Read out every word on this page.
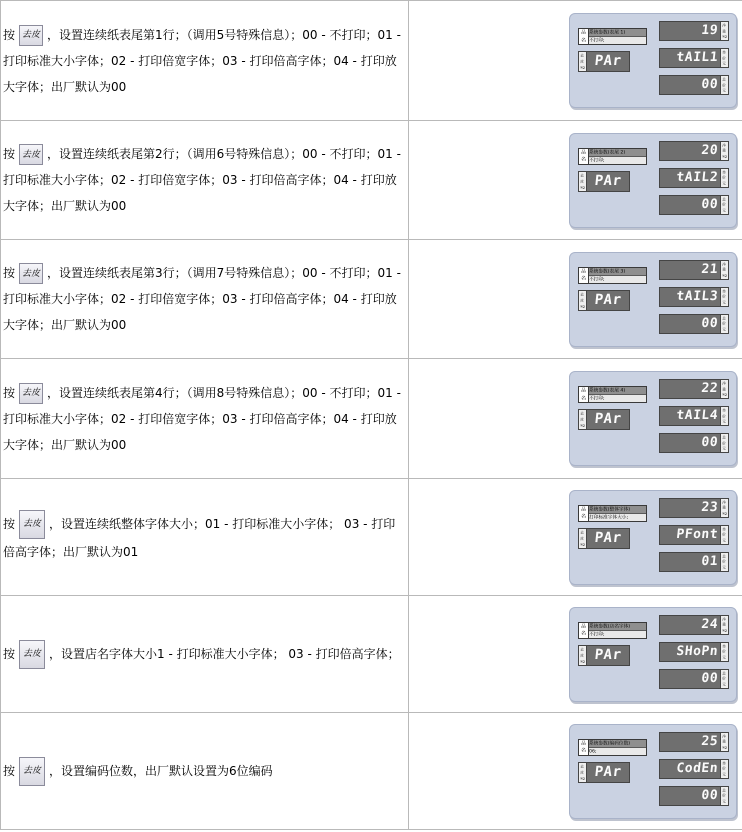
按 去皮 ，设置连续纸表尾第1行；（调用5号特殊信息）；00 - 不打印；01 - 打印标准大小字体；02 - 打印倍宽字体；03 - 打印倍高字体；04 - 打印放大字体；出厂默认为00
品
名
系统参数(表尾 1)
不打印;
去
皮
kg PAr
19 净
重
kg
tAIL1 单
价
元
00 总
价
元
按 去皮 ，设置连续纸表尾第2行；（调用6号特殊信息）；00 - 不打印；01 - 打印标准大小字体；02 - 打印倍宽字体；03 - 打印倍高字体；04 - 打印放大字体；出厂默认为00
品
名
系统参数(表尾 2)
不打印;
去
皮
kg PAr
20 净
重
kg
tAIL2 单
价
元
00 总
价
元
按 去皮 ，设置连续纸表尾第3行；（调用7号特殊信息）；00 - 不打印；01 - 打印标准大小字体；02 - 打印倍宽字体；03 - 打印倍高字体；04 - 打印放大字体；出厂默认为00
品
名
系统参数(表尾 3)
不打印;
去
皮
kg PAr
21 净
重
kg
tAIL3 单
价
元
00 总
价
元
按 去皮 ，设置连续纸表尾第4行；（调用8号特殊信息）；00 - 不打印；01 - 打印标准大小字体；02 - 打印倍宽字体；03 - 打印倍高字体；04 - 打印放大字体；出厂默认为00
品
名
系统参数(表尾 4)
不打印;
去
皮
kg PAr
22 净
重
kg
tAIL4 单
价
元
00 总
价
元
按 去皮 ，设置连续纸整体字体大小；01 - 打印标准大小字体； 03 - 打印倍高字体；出厂默认为01
品
名
系统参数(整体字体)
打印标准字体大小;
去
皮
kg PAr
23 净
重
kg
PFont 单
价
元
01 总
价
元
按 去皮 ，设置店名字体大小1 - 打印标准大小字体； 03 - 打印倍高字体；
品
名
系统参数(店名字体)
不打印;
去
皮
kg PAr
24 净
重
kg
SHoPn 单
价
元
00 总
价
元
按 去皮 ，设置编码位数，出厂默认设置为6位编码
品
名
系统参数(编码位数)
06;
去
皮
kg PAr
25 净
重
kg
CodEn 单
价
元
00 总
价
元
